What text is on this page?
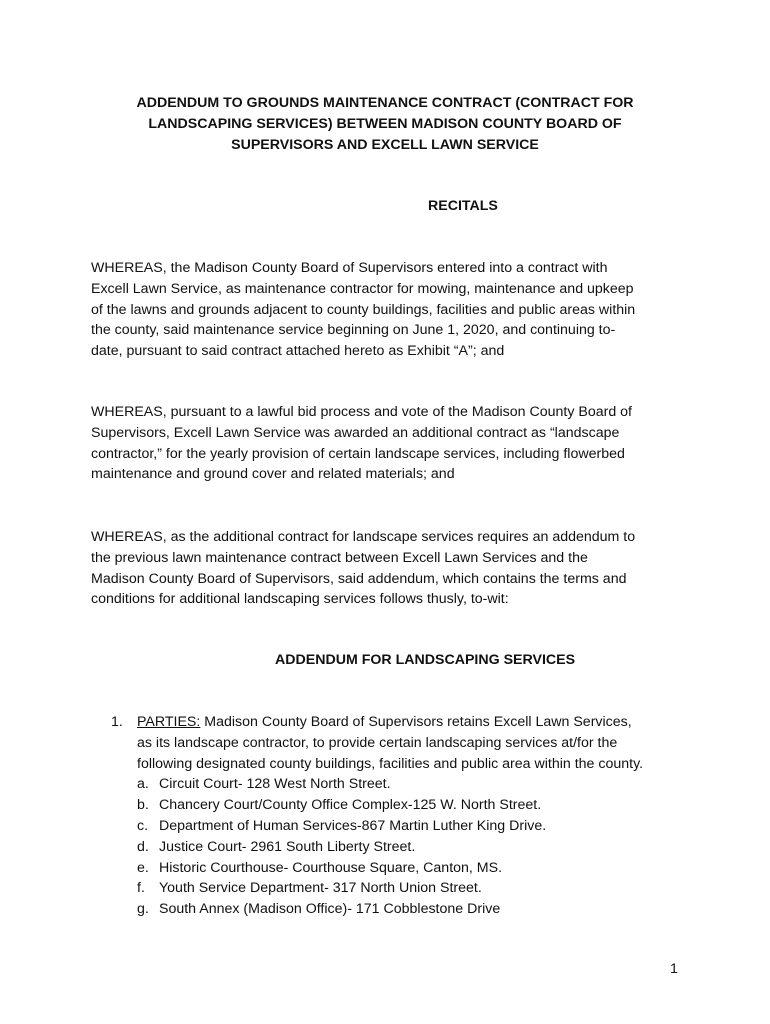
ADDENDUM TO GROUNDS MAINTENANCE CONTRACT (CONTRACT FOR
LANDSCAPING SERVICES) BETWEEN MADISON COUNTY BOARD OF
SUPERVISORS AND EXCELL LAWN SERVICE
RECITALS

WHEREAS, the Madison County Board of Supervisors entered into a contract with
Excell Lawn Service, as maintenance contractor for mowing, maintenance and upkeep
of the lawns and grounds adjacent to county buildings, facilities and public areas within
the county, said maintenance service beginning on June 1, 2020, and continuing to-
date, pursuant to said contract attached hereto as Exhibit “A”; and

WHEREAS, pursuant to a lawful bid process and vote of the Madison County Board of
Supervisors, Excell Lawn Service was awarded an additional contract as “landscape
contractor,” for the yearly provision of certain landscape services, including flowerbed
maintenance and ground cover and related materials; and

WHEREAS, as the additional contract for landscape services requires an addendum to
the previous lawn maintenance contract between Excell Lawn Services and the
Madison County Board of Supervisors, said addendum, which contains the terms and
conditions for additional landscaping services follows thusly, to-wit:

ADDENDUM FOR LANDSCAPING SERVICES
1. PARTIES: Madison County Board of Supervisors retains Excell Lawn Services,
as its landscape contractor, to provide certain landscaping services at/for the
following designated county buildings, facilities and public area within the county.
a. Circuit Court- 128 West North Street.
b. Chancery Court/County Office Complex-125 W. North Street.
c. Department of Human Services-867 Martin Luther King Drive.
d. Justice Court- 2961 South Liberty Street.
e. Historic Courthouse- Courthouse Square, Canton, MS.
f. Youth Service Department- 317 North Union Street.
g. South Annex (Madison Office)- 171 Cobblestone Drive
1
